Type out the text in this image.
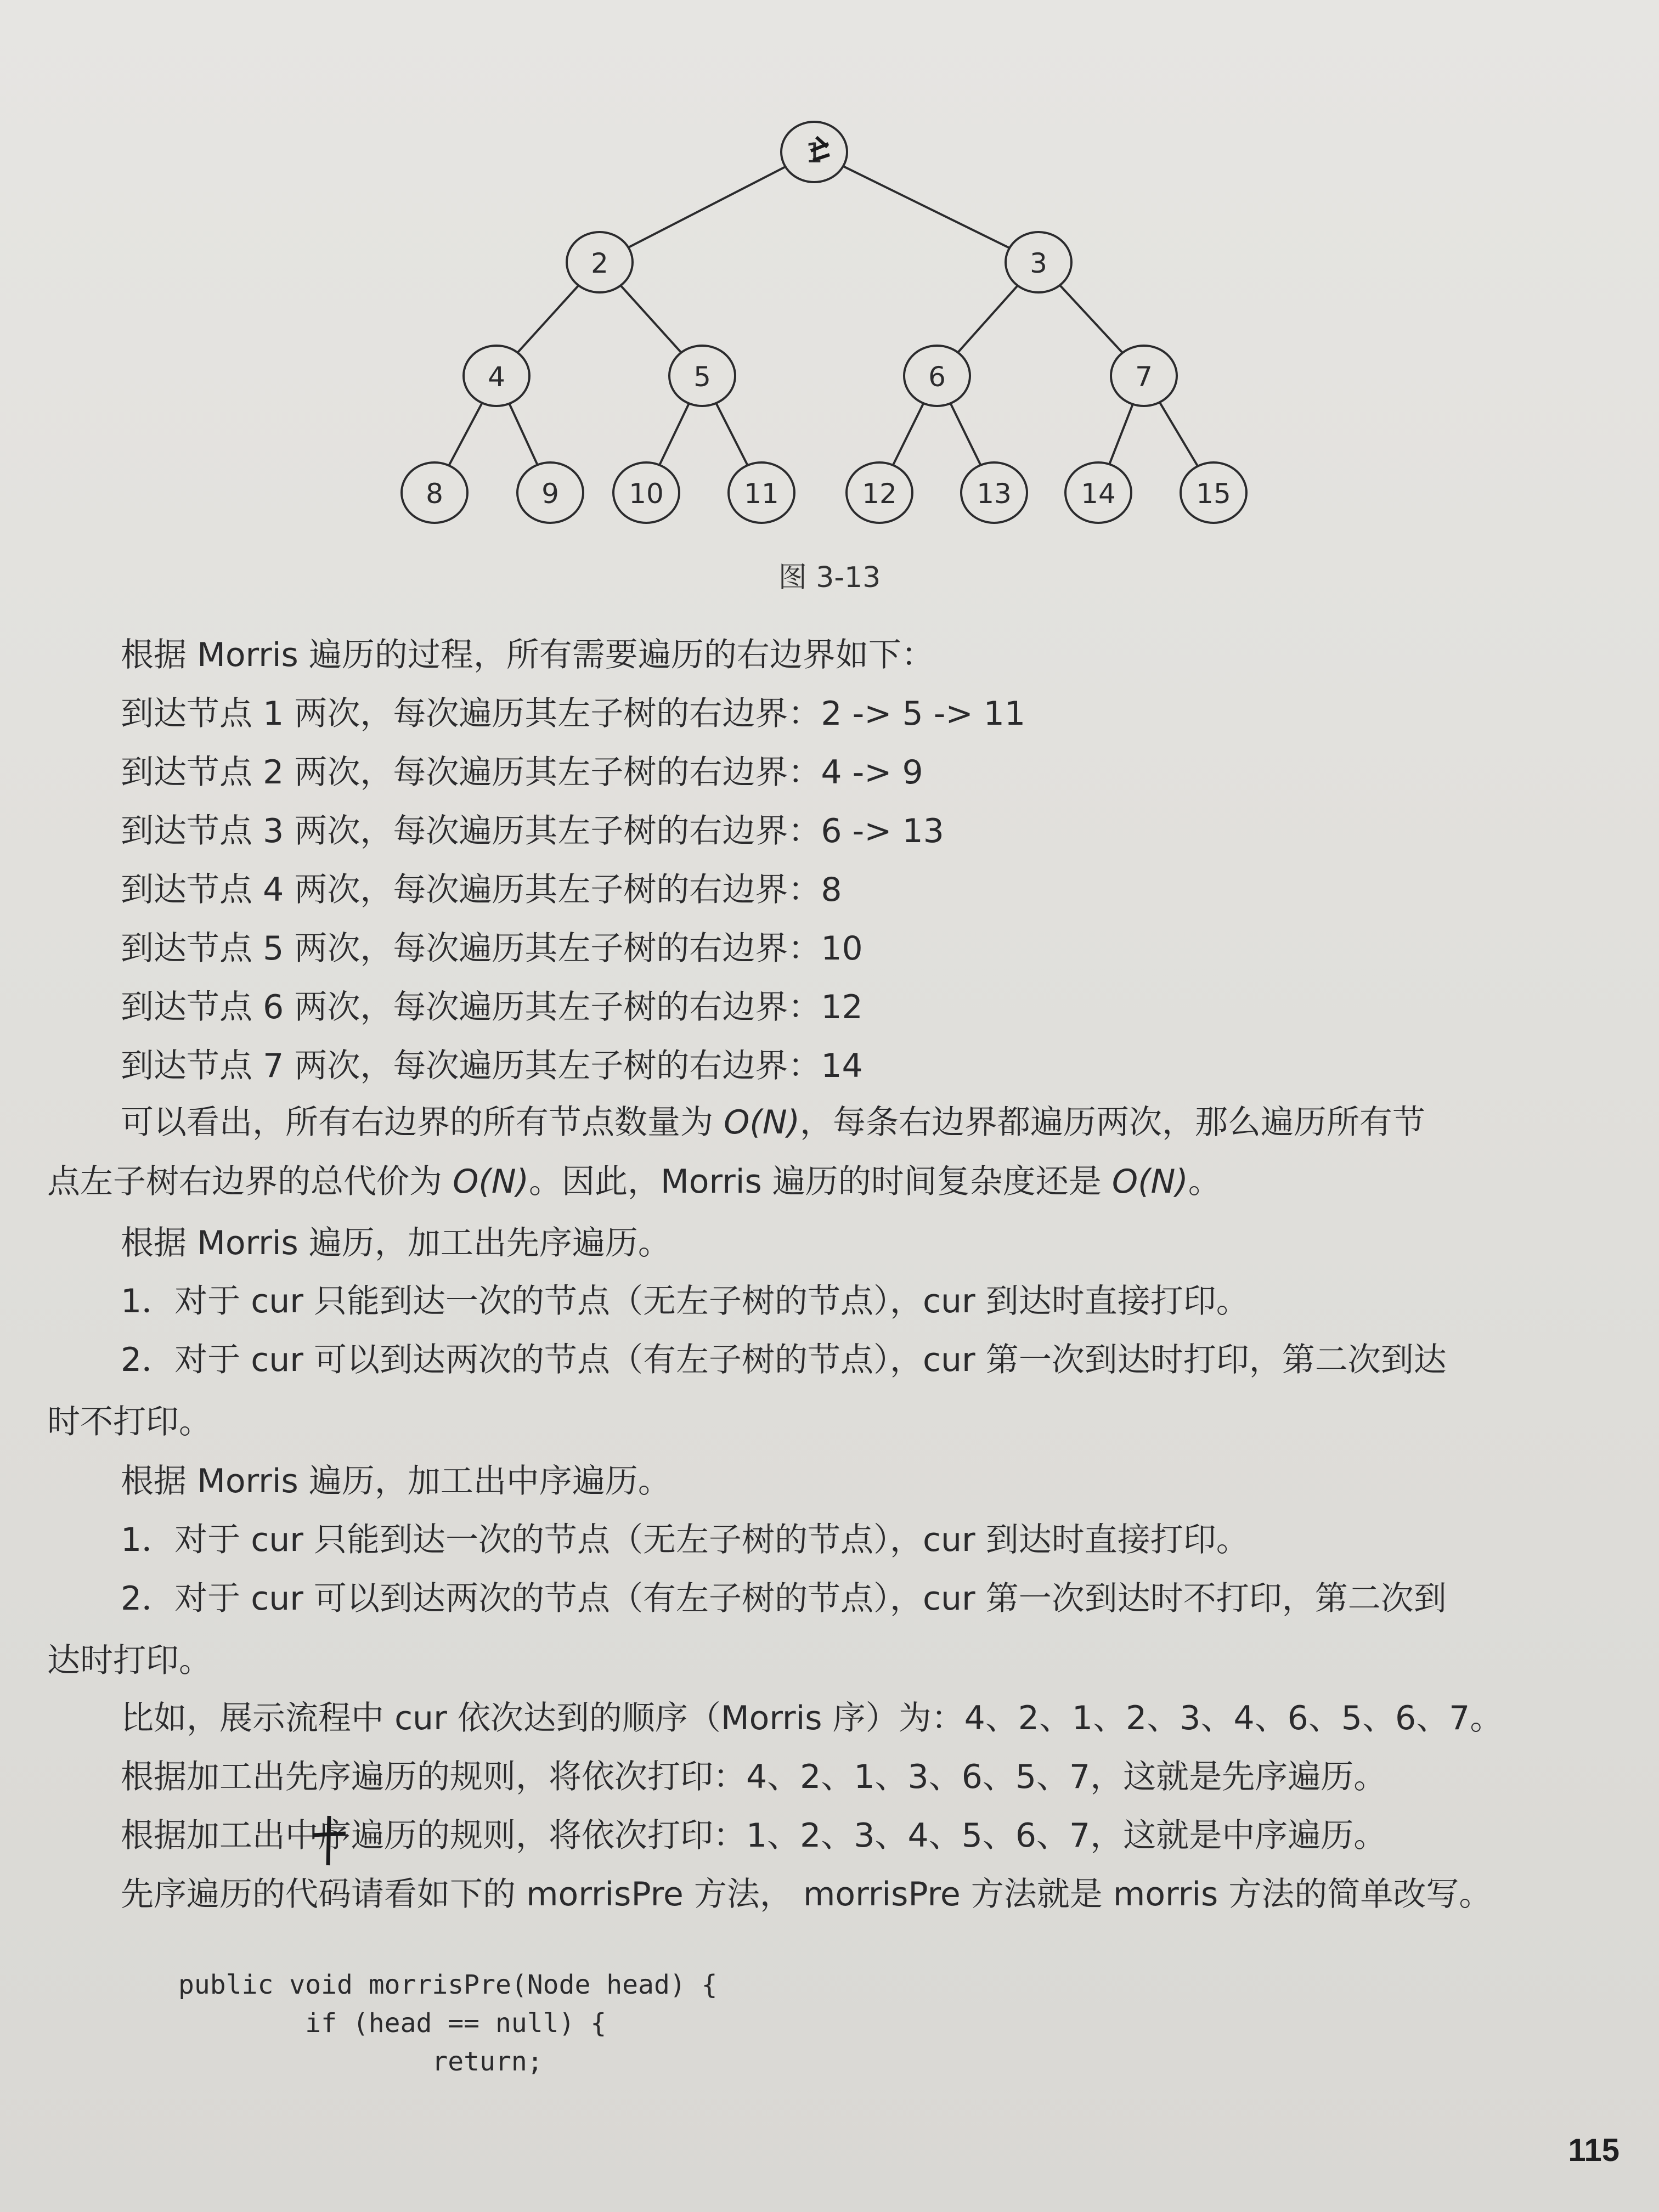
1
2	3
4	5	6	7
8	9	10	11	12	13	14	15
图 3-13
根据 Morris 遍历的过程，所有需要遍历的右边界如下：
到达节点 1 两次，每次遍历其左子树的右边界：2 -> 5 -> 11
到达节点 2 两次，每次遍历其左子树的右边界：4 -> 9
到达节点 3 两次，每次遍历其左子树的右边界：6 -> 13
到达节点 4 两次，每次遍历其左子树的右边界：8
到达节点 5 两次，每次遍历其左子树的右边界：10
到达节点 6 两次，每次遍历其左子树的右边界：12
到达节点 7 两次，每次遍历其左子树的右边界：14
可以看出，所有右边界的所有节点数量为 O(N)，每条右边界都遍历两次，那么遍历所有节
点左子树右边界的总代价为 O(N)。因此，Morris 遍历的时间复杂度还是 O(N)。
根据 Morris 遍历，加工出先序遍历。
1．对于 cur 只能到达一次的节点（无左子树的节点），cur 到达时直接打印。
2．对于 cur 可以到达两次的节点（有左子树的节点），cur 第一次到达时打印，第二次到达
时不打印。
根据 Morris 遍历，加工出中序遍历。
1．对于 cur 只能到达一次的节点（无左子树的节点），cur 到达时直接打印。
2．对于 cur 可以到达两次的节点（有左子树的节点），cur 第一次到达时不打印，第二次到
达时打印。
比如，展示流程中 cur 依次达到的顺序（Morris 序）为：4、2、1、2、3、4、6、5、6、7。
根据加工出先序遍历的规则，将依次打印：4、2、1、3、6、5、7，这就是先序遍历。
根据加工出中序遍历的规则，将依次打印：1、2、3、4、5、6、7，这就是中序遍历。
先序遍历的代码请看如下的 morrisPre 方法， morrisPre 方法就是 morris 方法的简单改写。
public void morrisPre(Node head) {
if (head == null) {
return;
115
